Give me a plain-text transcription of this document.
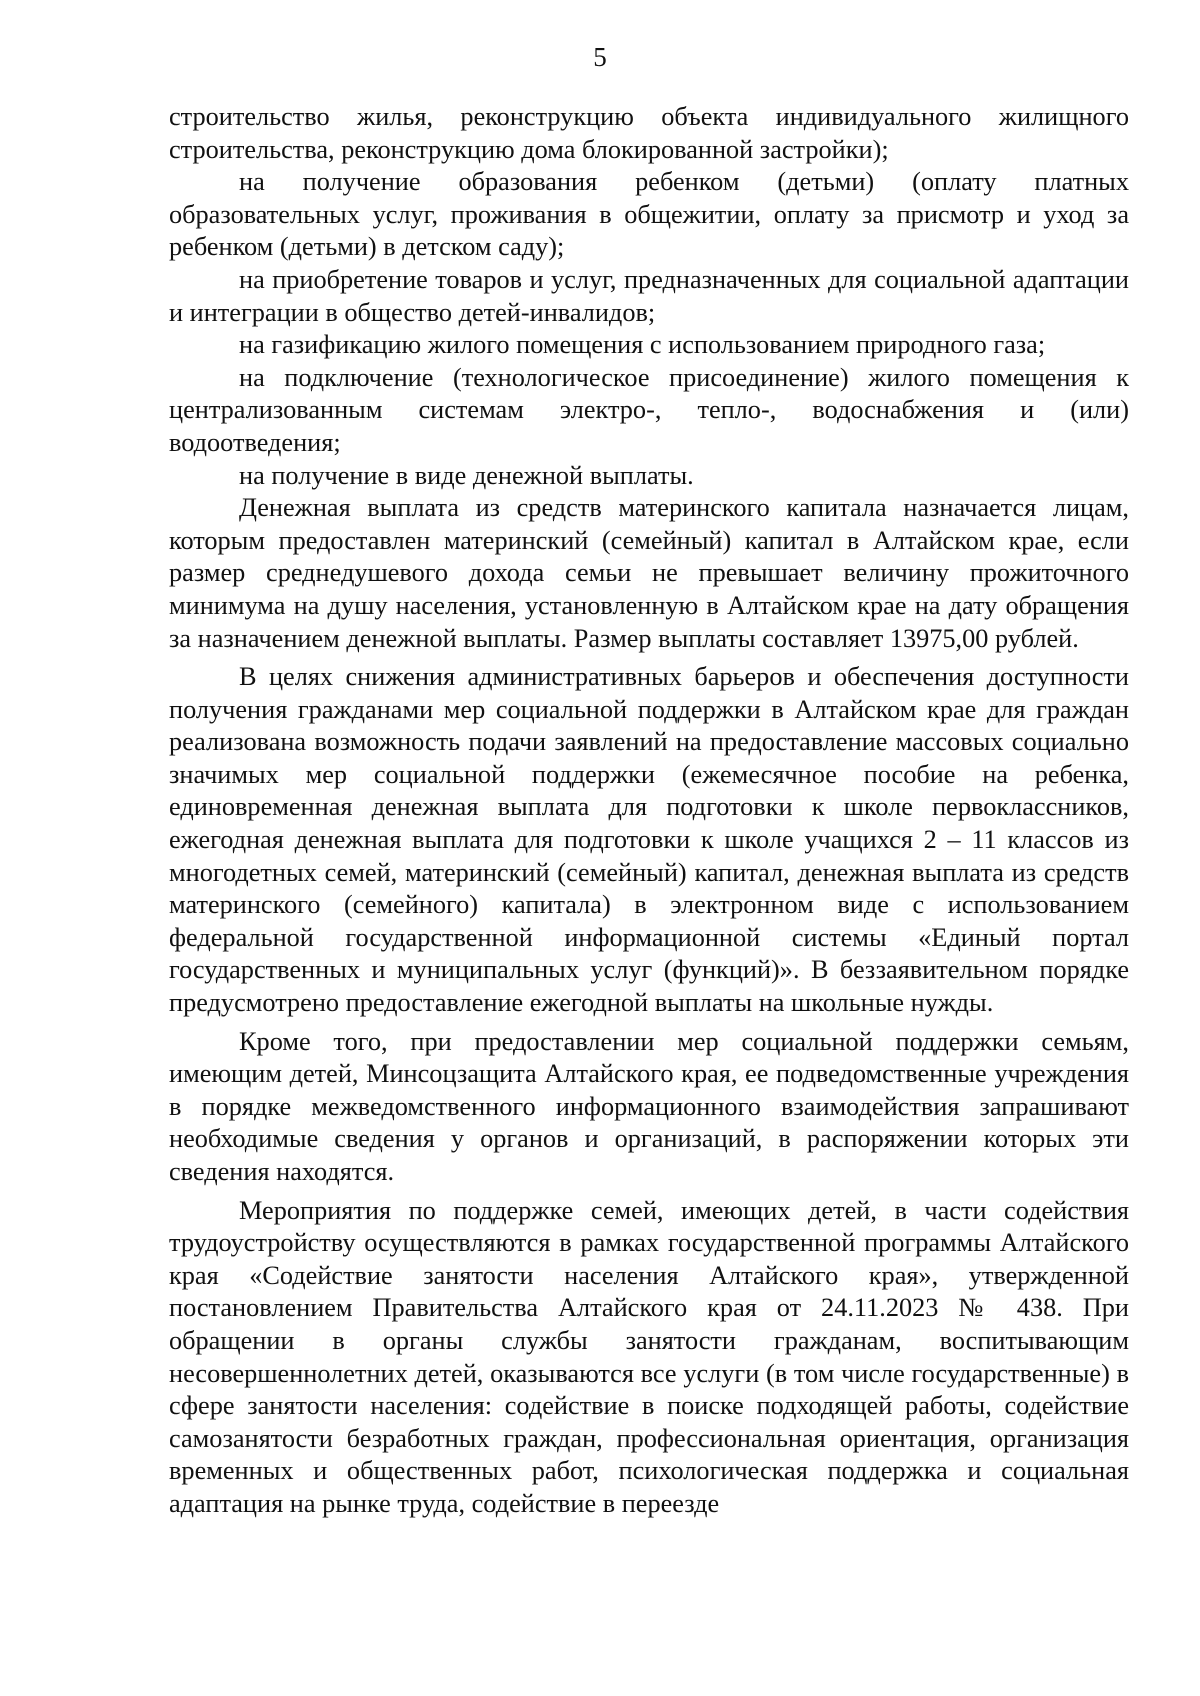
5

строительство жилья, реконструкцию объекта индивидуального жилищного строительства, реконструкцию дома блокированной застройки);

на получение образования ребенком (детьми) (оплату платных образовательных услуг, проживания в общежитии, оплату за присмотр и уход за ребенком (детьми) в детском саду);

на приобретение товаров и услуг, предназначенных для социальной адаптации и интеграции в общество детей-инвалидов;

на газификацию жилого помещения с использованием природного газа;

на подключение (технологическое присоединение) жилого помещения к централизованным системам электро-, тепло-, водоснабжения и (или) водоотведения;

на получение в виде денежной выплаты.

Денежная выплата из средств материнского капитала назначается лицам, которым предоставлен материнский (семейный) капитал в Алтайском крае, если размер среднедушевого дохода семьи не превышает величину прожиточного минимума на душу населения, установленную в Алтайском крае на дату обращения за назначением денежной выплаты. Размер выплаты составляет 13975,00 рублей.

В целях снижения административных барьеров и обеспечения доступности получения гражданами мер социальной поддержки в Алтайском крае для граждан реализована возможность подачи заявлений на предоставление массовых социально значимых мер социальной поддержки (ежемесячное пособие на ребенка, единовременная денежная выплата для подготовки к школе первоклассников, ежегодная денежная выплата для подготовки к школе учащихся 2 – 11 классов из многодетных семей, материнский (семейный) капитал, денежная выплата из средств материнского (семейного) капитала) в электронном виде с использованием федеральной государственной информационной системы «Единый портал государственных и муниципальных услуг (функций)». В беззаявительном порядке предусмотрено предоставление ежегодной выплаты на школьные нужды.

Кроме того, при предоставлении мер социальной поддержки семьям, имеющим детей, Минсоцзащита Алтайского края, ее подведомственные учреждения в порядке межведомственного информационного взаимодействия запрашивают необходимые сведения у органов и организаций, в распоряжении которых эти сведения находятся.

Мероприятия по поддержке семей, имеющих детей, в части содействия трудоустройству осуществляются в рамках государственной программы Алтайского края «Содействие занятости населения Алтайского края», утвержденной постановлением Правительства Алтайского края от 24.11.2023 № 438. При обращении в органы службы занятости гражданам, воспитывающим несовершеннолетних детей, оказываются все услуги (в том числе государственные) в сфере занятости населения: содействие в поиске подходящей работы, содействие самозанятости безработных граждан, профессиональная ориентация, организация временных и общественных работ, психологическая поддержка и социальная адаптация на рынке труда, содействие в переезде
